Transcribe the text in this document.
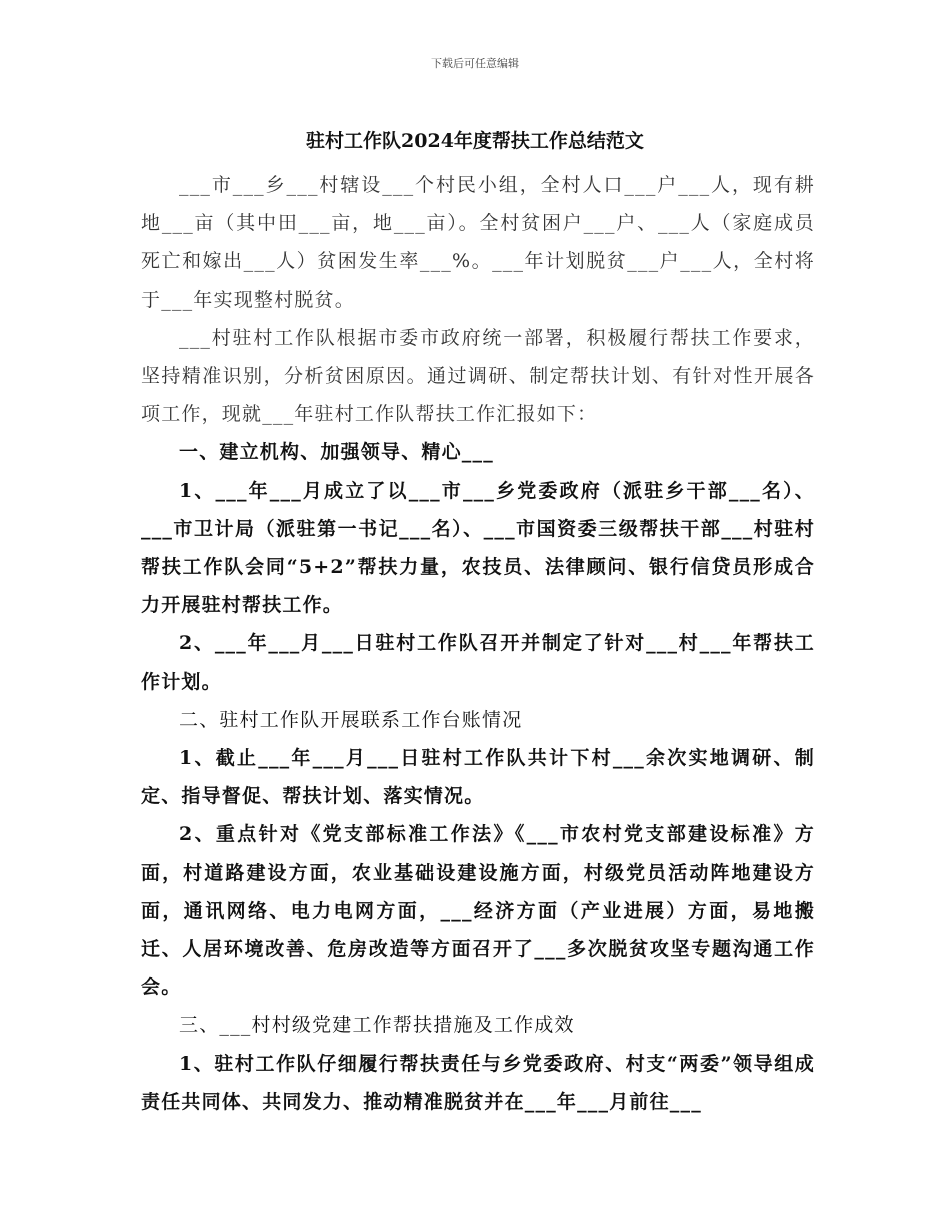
下载后可任意编辑
驻村工作队2024年度帮扶工作总结范文

___市___乡___村辖设___个村民小组，全村人口___户___人，现有耕地___亩（其中田___亩，地___亩）。全村贫困户___户、___人（家庭成员死亡和嫁出___人）贫困发生率___%。___年计划脱贫___户___人，全村将于___年实现整村脱贫。

___村驻村工作队根据市委市政府统一部署，积极履行帮扶工作要求，坚持精准识别，分析贫困原因。通过调研、制定帮扶计划、有针对性开展各项工作，现就___年驻村工作队帮扶工作汇报如下：

一、建立机构、加强领导、精心___

1、___年___月成立了以___市___乡党委政府（派驻乡干部___名）、___市卫计局（派驻第一书记___名）、___市国资委三级帮扶干部___村驻村帮扶工作队会同“5+2”帮扶力量，农技员、法律顾问、银行信贷员形成合力开展驻村帮扶工作。

2、___年___月___日驻村工作队召开并制定了针对___村___年帮扶工作计划。

二、驻村工作队开展联系工作台账情况

1、截止___年___月___日驻村工作队共计下村___余次实地调研、制定、指导督促、帮扶计划、落实情况。

2、重点针对《党支部标准工作法》《___市农村党支部建设标准》方面，村道路建设方面，农业基础设建设施方面，村级党员活动阵地建设方面，通讯网络、电力电网方面，___经济方面（产业进展）方面，易地搬迁、人居环境改善、危房改造等方面召开了___多次脱贫攻坚专题沟通工作会。

三、___村村级党建工作帮扶措施及工作成效

1、驻村工作队仔细履行帮扶责任与乡党委政府、村支“两委”领导组成责任共同体、共同发力、推动精准脱贫并在___年___月前往___
